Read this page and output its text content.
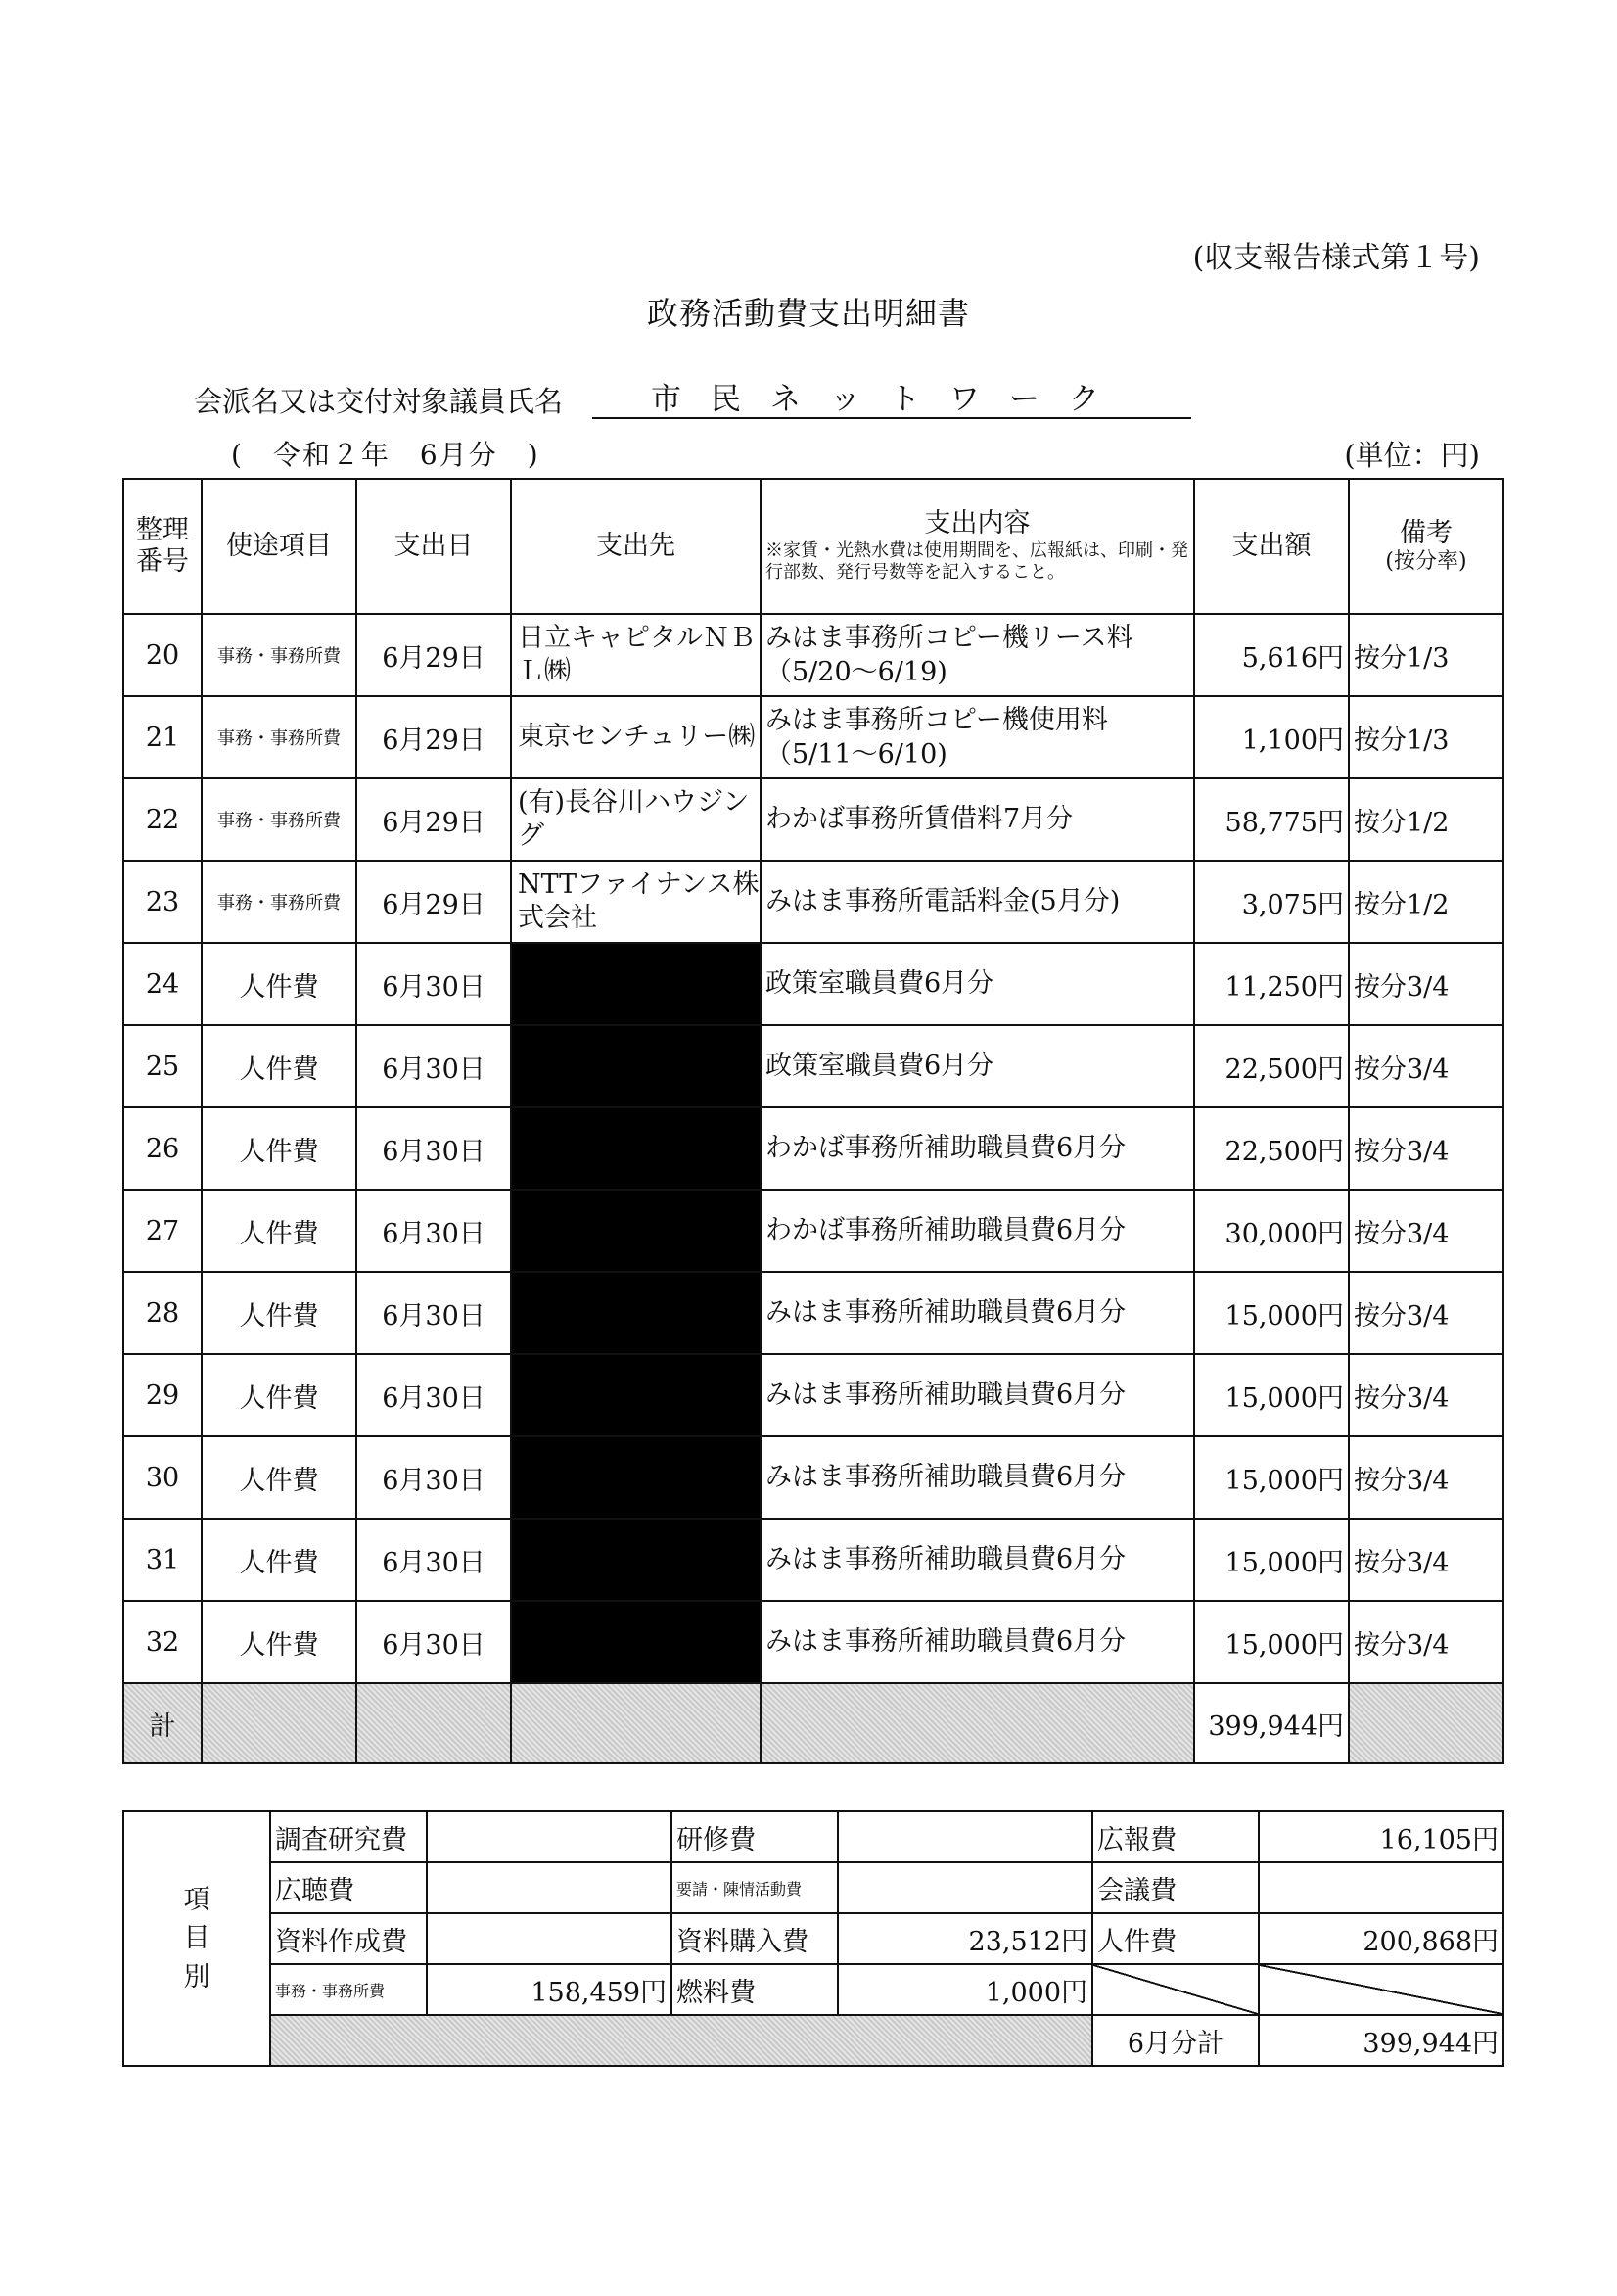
(収支報告様式第１号)
政務活動費支出明細書
会派名又は交付対象議員氏名	市民ネットワーク
(　令和２年　6月分　)	(単位：円)
整理番号	使途項目	支出日	支出先	支出内容
※家賃・光熱水費は使用期間を、広報紙は、印刷・発行部数、発行号数等を記入すること。	支出額	備考
(按分率)

20	事務・事務所費	6月29日	日立キャピタルＮＢＬ㈱	みはま事務所コピー機リース料（5/20～6/19)	5,616円	按分1/3
21	事務・事務所費	6月29日	東京センチュリー㈱	みはま事務所コピー機使用料（5/11～6/10)	1,100円	按分1/3
22	事務・事務所費	6月29日	(有)長谷川ハウジング	わかば事務所賃借料7月分	58,775円	按分1/2
23	事務・事務所費	6月29日	NTTファイナンス株式会社	みはま事務所電話料金(5月分)	3,075円	按分1/2
24	人件費	6月30日		政策室職員費6月分	11,250円	按分3/4
25	人件費	6月30日		政策室職員費6月分	22,500円	按分3/4
26	人件費	6月30日		わかば事務所補助職員費6月分	22,500円	按分3/4
27	人件費	6月30日		わかば事務所補助職員費6月分	30,000円	按分3/4
28	人件費	6月30日		みはま事務所補助職員費6月分	15,000円	按分3/4
29	人件費	6月30日		みはま事務所補助職員費6月分	15,000円	按分3/4
30	人件費	6月30日		みはま事務所補助職員費6月分	15,000円	按分3/4
31	人件費	6月30日		みはま事務所補助職員費6月分	15,000円	按分3/4
32	人件費	6月30日		みはま事務所補助職員費6月分	15,000円	按分3/4
計					399,944円	
項目別	調査研究費		研修費		広報費	16,105円
	広聴費		要請・陳情活動費		会議費	
	資料作成費		資料購入費	23,512円	人件費	200,868円
	事務・事務所費	158,459円	燃料費	1,000円		
					6月分計	399,944円
